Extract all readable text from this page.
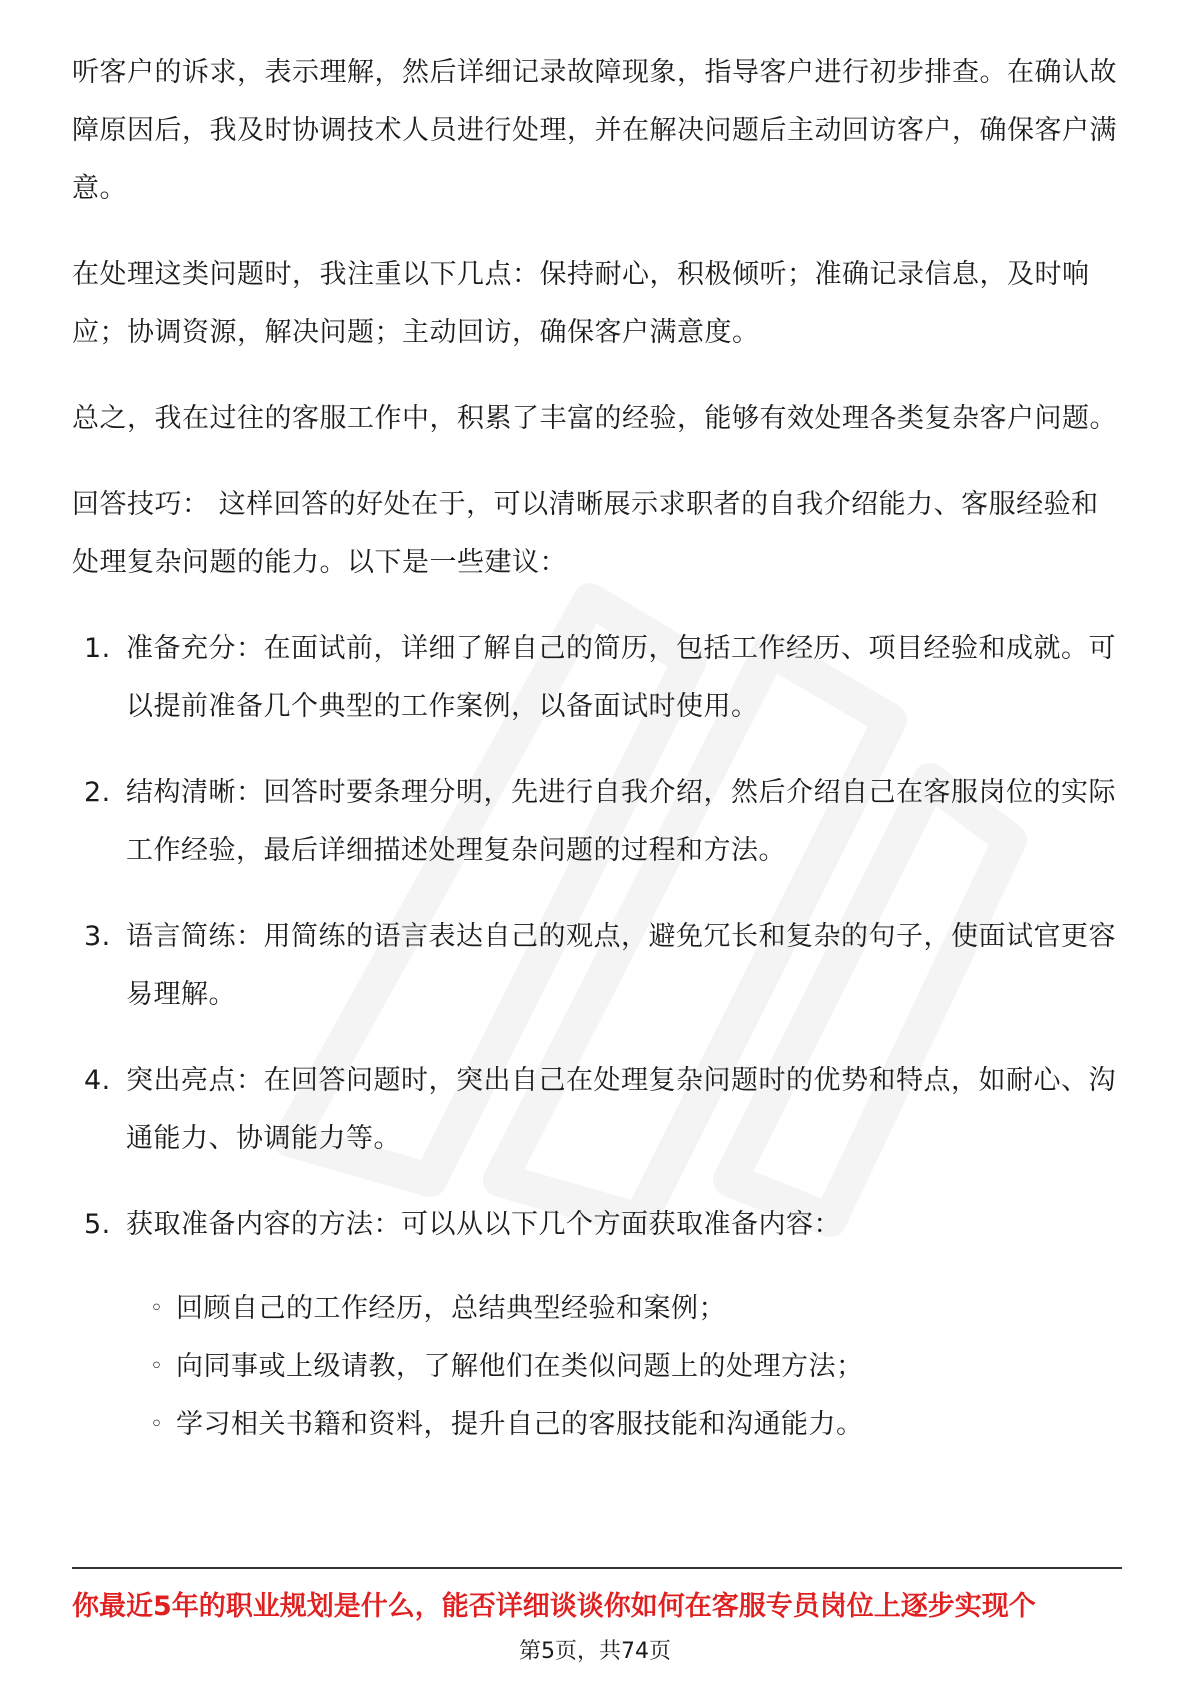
听客户的诉求，表示理解，然后详细记录故障现象，指导客户进行初步排查。在确认故障原因后，我及时协调技术人员进行处理，并在解决问题后主动回访客户，确保客户满意。

在处理这类问题时，我注重以下几点：保持耐心，积极倾听；准确记录信息，及时响应；协调资源，解决问题；主动回访，确保客户满意度。

总之，我在过往的客服工作中，积累了丰富的经验，能够有效处理各类复杂客户问题。

回答技巧： 这样回答的好处在于，可以清晰展示求职者的自我介绍能力、客服经验和处理复杂问题的能力。以下是一些建议：

1. 准备充分：在面试前，详细了解自己的简历，包括工作经历、项目经验和成就。可以提前准备几个典型的工作案例，以备面试时使用。
2. 结构清晰：回答时要条理分明，先进行自我介绍，然后介绍自己在客服岗位的实际工作经验，最后详细描述处理复杂问题的过程和方法。
3. 语言简练：用简练的语言表达自己的观点，避免冗长和复杂的句子，使面试官更容易理解。
4. 突出亮点：在回答问题时，突出自己在处理复杂问题时的优势和特点，如耐心、沟通能力、协调能力等。
5. 获取准备内容的方法：可以从以下几个方面获取准备内容：
◦ 回顾自己的工作经历，总结典型经验和案例；
◦ 向同事或上级请教，了解他们在类似问题上的处理方法；
◦ 学习相关书籍和资料，提升自己的客服技能和沟通能力。
你最近5年的职业规划是什么，能否详细谈谈你如何在客服专员岗位上逐步实现个
第5页，共74页
